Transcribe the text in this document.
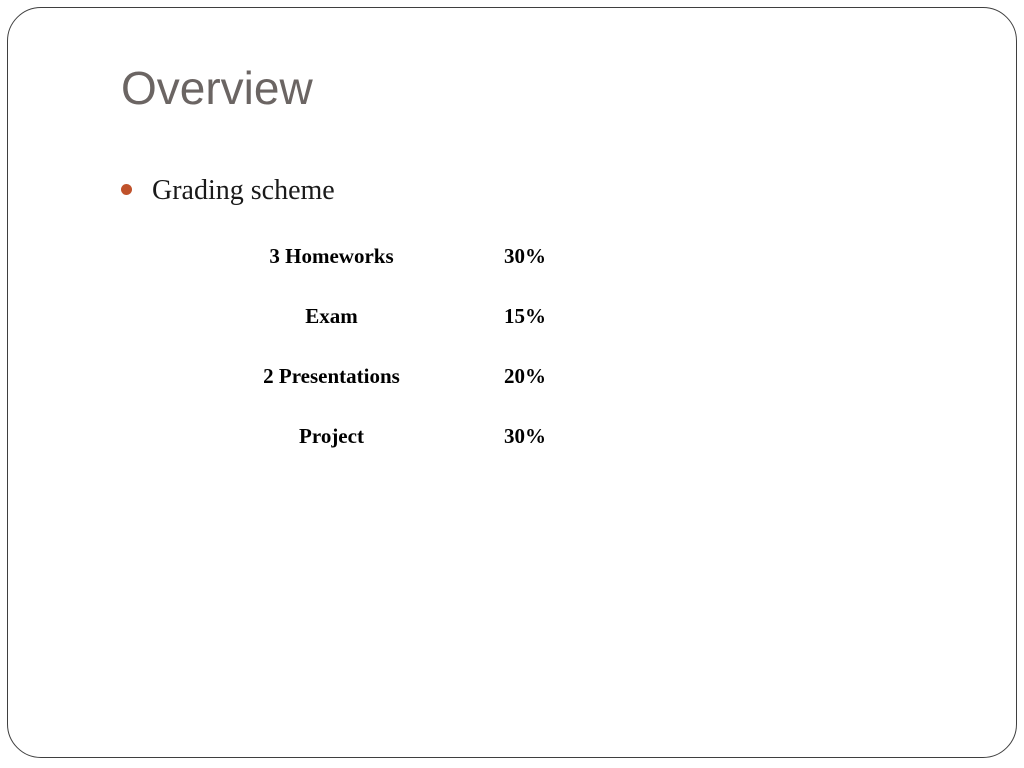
Overview
Grading scheme
3 Homeworks	30%
Exam	15%
2 Presentations	20%
Project	30%
